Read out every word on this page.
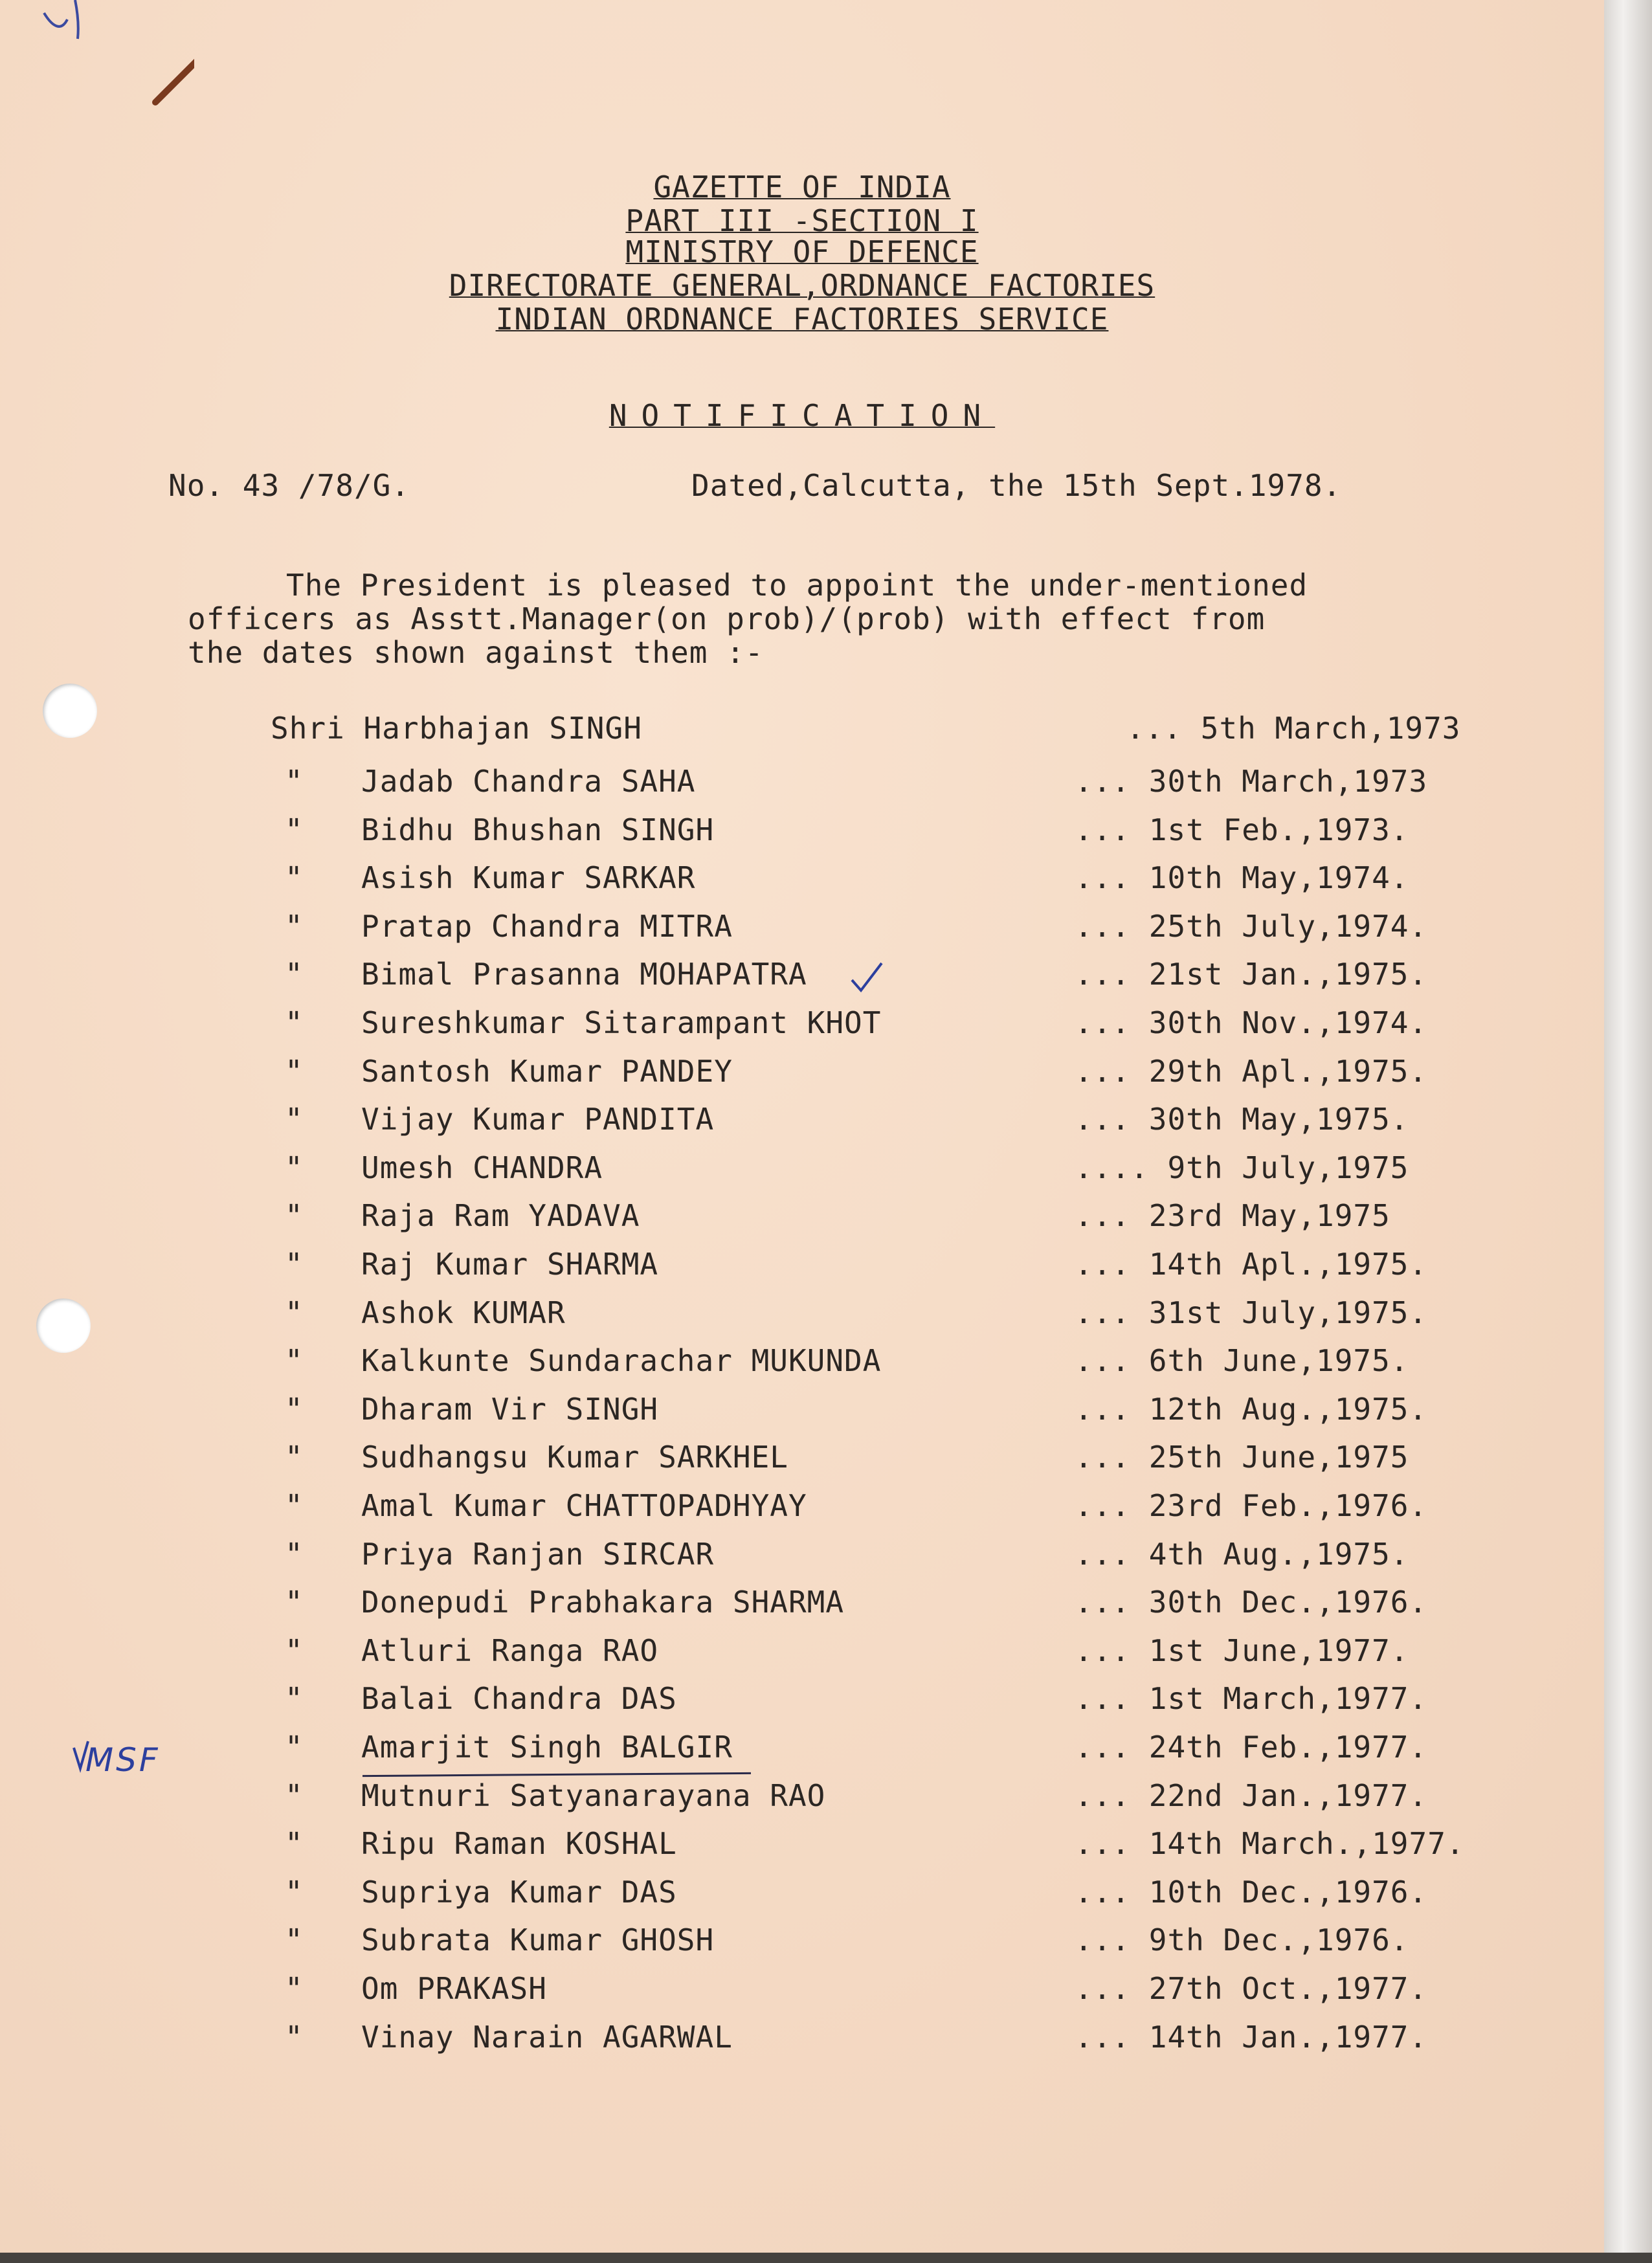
GAZETTE OF INDIA
PART III -SECTION I
MINISTRY OF DEFENCE
DIRECTORATE GENERAL,ORDNANCE FACTORIES
INDIAN ORDNANCE FACTORIES SERVICE
NOTIFICATION
No. 43 /78/G.	Dated,Calcutta, the 15th Sept.1978.
The President is pleased to appoint the under-mentioned
officers as Asstt.Manager(on prob)/(prob) with effect from
the dates shown against them :-
Shri Harbhajan SINGH	... 5th March,1973
" Jadab Chandra SAHA	... 30th March,1973
" Bidhu Bhushan SINGH	... 1st Feb.,1973.
" Asish Kumar SARKAR	... 10th May,1974.
" Pratap Chandra MITRA	... 25th July,1974.
" Bimal Prasanna MOHAPATRA	... 21st Jan.,1975.
" Sureshkumar Sitarampant KHOT	... 30th Nov.,1974.
" Santosh Kumar PANDEY	... 29th Apl.,1975.
" Vijay Kumar PANDITA	... 30th May,1975.
" Umesh CHANDRA	.... 9th July,1975
" Raja Ram YADAVA	... 23rd May,1975
" Raj Kumar SHARMA	... 14th Apl.,1975.
" Ashok KUMAR	... 31st July,1975.
" Kalkunte Sundarachar MUKUNDA	... 6th June,1975.
" Dharam Vir SINGH	... 12th Aug.,1975.
" Sudhangsu Kumar SARKHEL	... 25th June,1975
" Amal Kumar CHATTOPADHYAY	... 23rd Feb.,1976.
" Priya Ranjan SIRCAR	... 4th Aug.,1975.
" Donepudi Prabhakara SHARMA	... 30th Dec.,1976.
" Atluri Ranga RAO	... 1st June,1977.
" Balai Chandra DAS	... 1st March,1977.
" Amarjit Singh BALGIR	... 24th Feb.,1977.
" Mutnuri Satyanarayana RAO	... 22nd Jan.,1977.
" Ripu Raman KOSHAL	... 14th March.,1977.
" Supriya Kumar DAS	... 10th Dec.,1976.
" Subrata Kumar GHOSH	... 9th Dec.,1976.
" Om PRAKASH	... 27th Oct.,1977.
" Vinay Narain AGARWAL	... 14th Jan.,1977.
MSF
